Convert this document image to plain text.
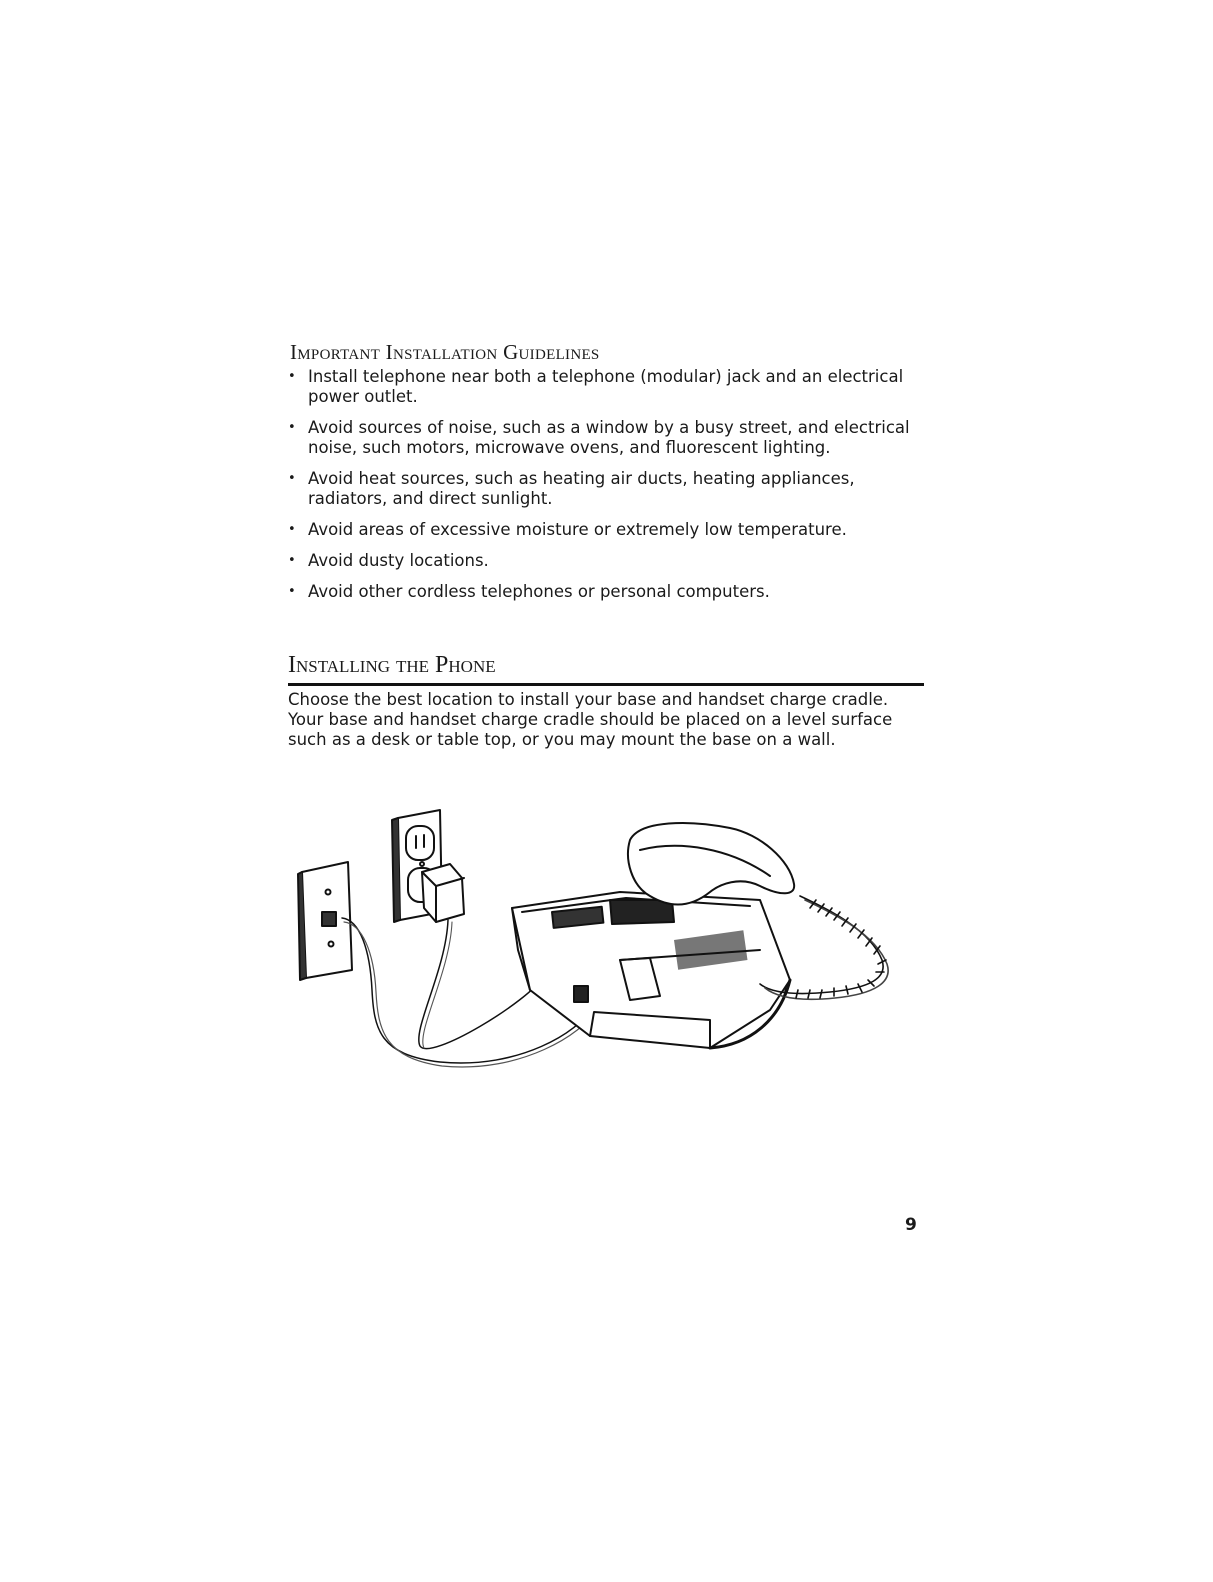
Important Installation Guidelines
• Install telephone near both a telephone (modular) jack and an electrical power outlet.
• Avoid sources of noise, such as a window by a busy street, and electrical noise, such motors, microwave ovens, and fluorescent lighting.
• Avoid heat sources, such as heating air ducts, heating appliances, radiators, and direct sunlight.
• Avoid areas of excessive moisture or extremely low temperature.
• Avoid dusty locations.
• Avoid other cordless telephones or personal computers.
Installing the Phone

Choose the best location to install your base and handset charge cradle. Your base and handset charge cradle should be placed on a level surface such as a desk or table top, or you may mount the base on a wall.

9
